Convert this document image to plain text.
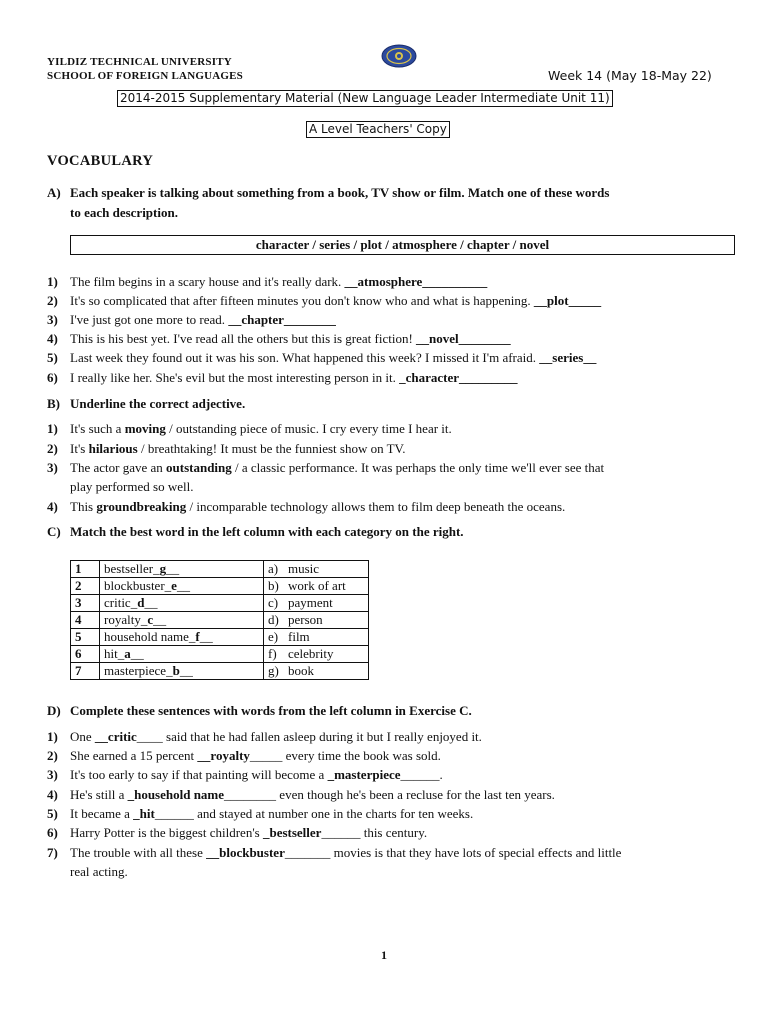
YILDIZ TECHNICAL UNIVERSITY
SCHOOL OF FOREIGN LANGUAGES	Week 14 (May 18-May 22)
2014-2015 Supplementary Material (New Language Leader Intermediate Unit 11)
A Level Teachers' Copy
VOCABULARY
A) Each speaker is talking about something from a book, TV show or film. Match one of these words
to each description.
character / series / plot / atmosphere / chapter / novel
1) The film begins in a scary house and it's really dark. __atmosphere__________
2) It's so complicated that after fifteen minutes you don't know who and what is happening. __plot_____
3) I've just got one more to read. __chapter________
4) This is his best yet. I've read all the others but this is great fiction! __novel________
5) Last week they found out it was his son. What happened this week? I missed it I'm afraid. __series__
6) I really like her. She's evil but the most interesting person in it. _character_________
B) Underline the correct adjective.
1) It's such a moving / outstanding piece of music. I cry every time I hear it.
2) It's hilarious / breathtaking! It must be the funniest show on TV.
3) The actor gave an outstanding / a classic performance. It was perhaps the only time we'll ever see that
play performed so well.
4) This groundbreaking / incomparable technology allows them to film deep beneath the oceans.
C) Match the best word in the left column with each category on the right.
1	bestseller_g__	a)	music
2	blockbuster_e__	b)	work of art
3	critic_d__	c)	payment
4	royalty_c__	d)	person
5	household name_f__	e)	film
6	hit_a__	f)	celebrity
7	masterpiece_b__	g)	book
D) Complete these sentences with words from the left column in Exercise C.
1) One __critic____ said that he had fallen asleep during it but I really enjoyed it.
2) She earned a 15 percent __royalty_____ every time the book was sold.
3) It's too early to say if that painting will become a _masterpiece______.
4) He's still a _household name________ even though he's been a recluse for the last ten years.
5) It became a _hit______ and stayed at number one in the charts for ten weeks.
6) Harry Potter is the biggest children's _bestseller______ this century.
7) The trouble with all these __blockbuster_______ movies is that they have lots of special effects and little
real acting.
1
